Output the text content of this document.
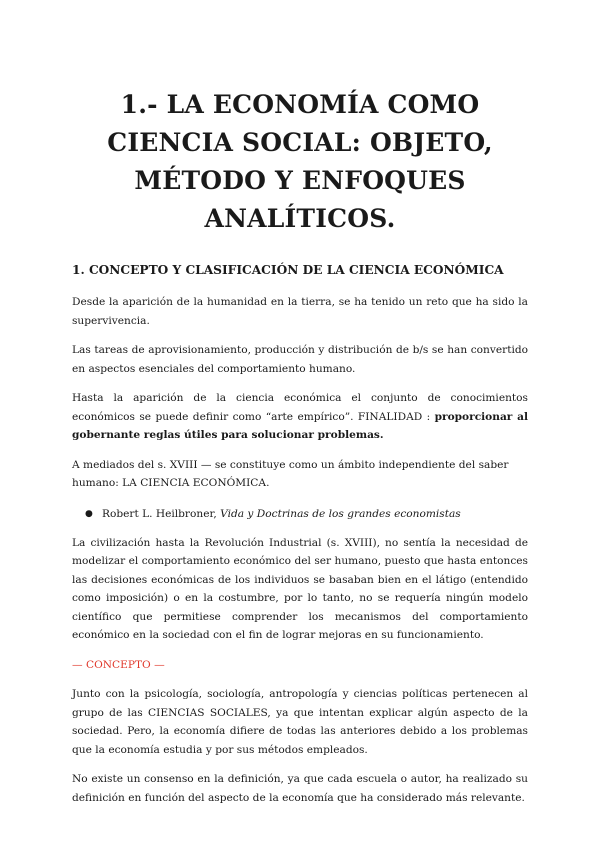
1.- LA ECONOMÍA COMO CIENCIA SOCIAL: OBJETO, MÉTODO Y ENFOQUES ANALÍTICOS.
1. CONCEPTO Y CLASIFICACIÓN DE LA CIENCIA ECONÓMICA

Desde la aparición de la humanidad en la tierra, se ha tenido un reto que ha sido la supervivencia.

Las tareas de aprovisionamiento, producción y distribución de b/s se han convertido en aspectos esenciales del comportamiento humano.

Hasta la aparición de la ciencia económica el conjunto de conocimientos económicos se puede definir como “arte empírico”. FINALIDAD : proporcionar al gobernante reglas útiles para solucionar problemas.

A mediados del s. XVIII — se constituye como un ámbito independiente del saber humano: LA CIENCIA ECONÓMICA.

● Robert L. Heilbroner, Vida y Doctrinas de los grandes economistas

La civilización hasta la Revolución Industrial (s. XVIII), no sentía la necesidad de modelizar el comportamiento económico del ser humano, puesto que hasta entonces las decisiones económicas de los individuos se basaban bien en el látigo (entendido como imposición) o en la costumbre, por lo tanto, no se requería ningún modelo científico que permitiese comprender los mecanismos del comportamiento económico en la sociedad con el fin de lograr mejoras en su funcionamiento.

— CONCEPTO —

Junto con la psicología, sociología, antropología y ciencias políticas pertenecen al grupo de las CIENCIAS SOCIALES, ya que intentan explicar algún aspecto de la sociedad. Pero, la economía difiere de todas las anteriores debido a los problemas que la economía estudia y por sus métodos empleados.

No existe un consenso en la definición, ya que cada escuela o autor, ha realizado su definición en función del aspecto de la economía que ha considerado más relevante.
